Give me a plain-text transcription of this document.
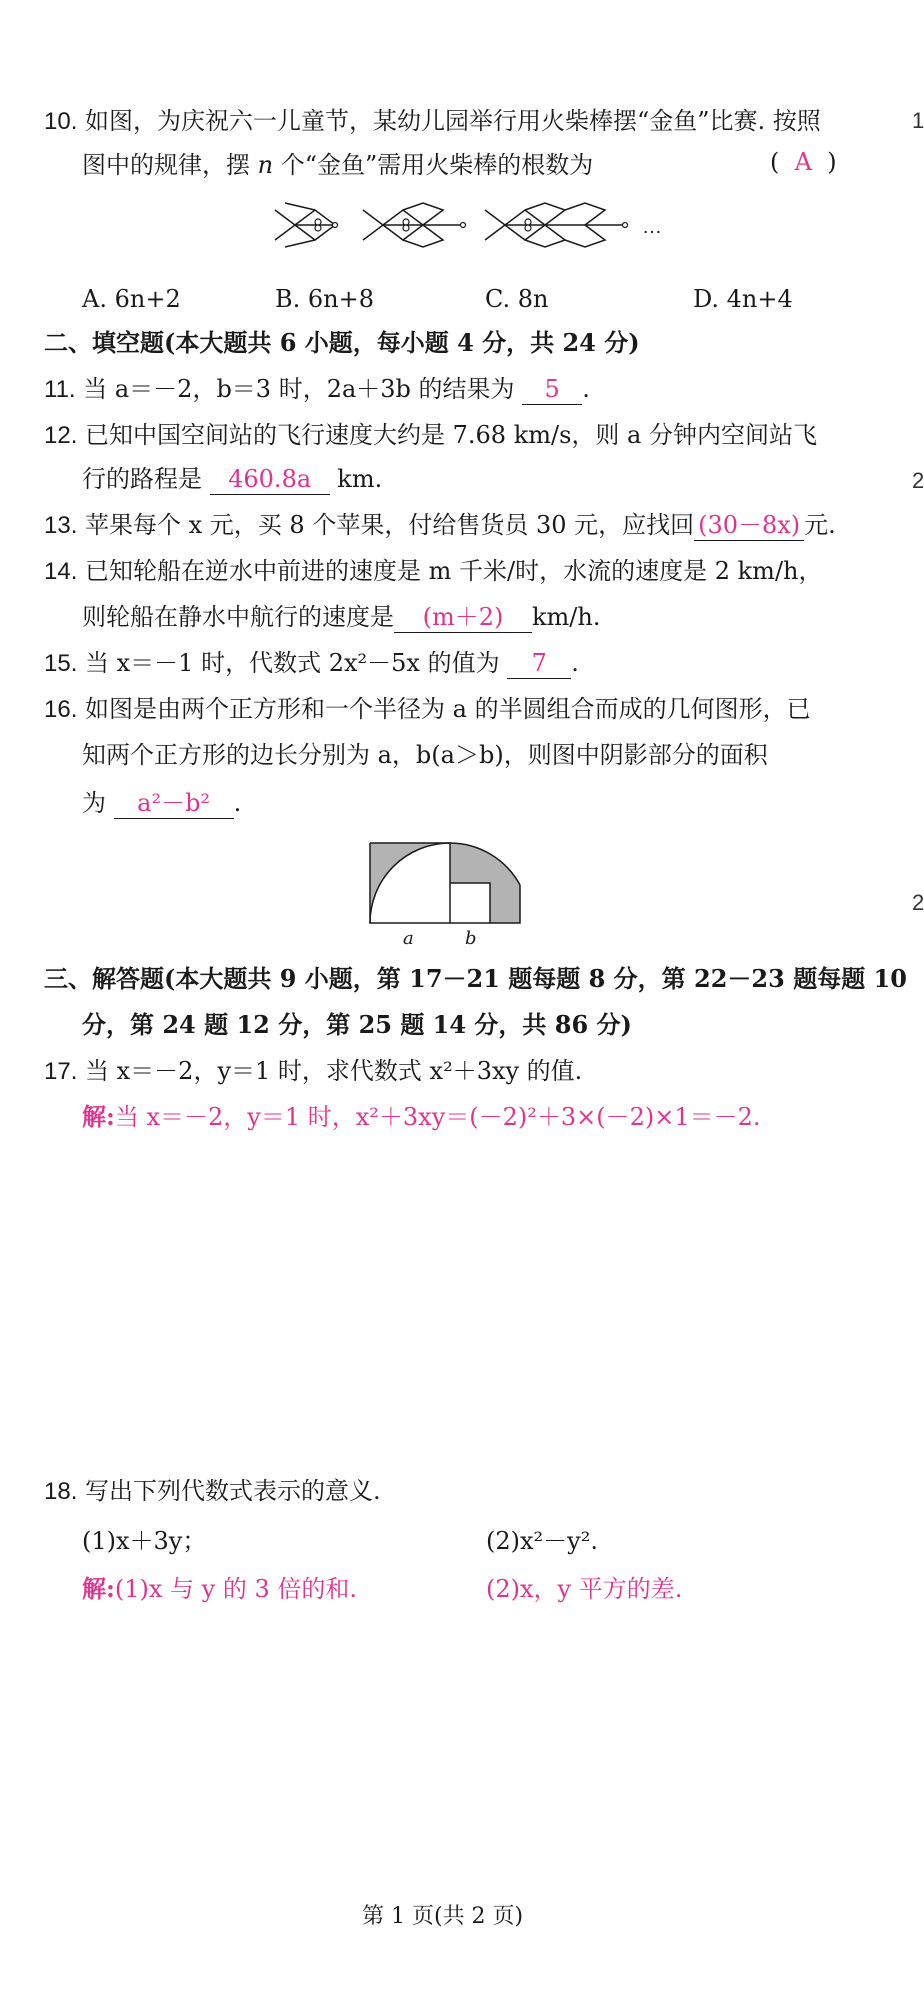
10. 如图，为庆祝六一儿童节，某幼儿园举行用火柴棒摆“金鱼”比赛. 按照
图中的规律，摆 n 个“金鱼”需用火柴棒的根数为	(  A  )
…
A. 6n+2	B. 6n+8	C. 8n	D. 4n+4
二、填空题(本大题共 6 小题，每小题 4 分，共 24 分)
11. 当 a＝－2，b＝3 时，2a＋3b 的结果为 5 .
12. 已知中国空间站的飞行速度大约是 7.68 km/s，则 a 分钟内空间站飞
行的路程是 460.8a km.
13. 苹果每个 x 元，买 8 个苹果，付给售货员 30 元，应找回 (30－8x) 元.
14. 已知轮船在逆水中前进的速度是 m 千米/时，水流的速度是 2 km/h，
则轮船在静水中航行的速度是 (m＋2) km/h.
15. 当 x＝－1 时，代数式 2x²－5x 的值为 7 .
16. 如图是由两个正方形和一个半径为 a 的半圆组合而成的几何图形，已
知两个正方形的边长分别为 a，b(a＞b)，则图中阴影部分的面积
为 a²－b² .
a	b
三、解答题(本大题共 9 小题，第 17－21 题每题 8 分，第 22－23 题每题 10
分，第 24 题 12 分，第 25 题 14 分，共 86 分)
17. 当 x＝－2，y＝1 时，求代数式 x²＋3xy 的值.
解:当 x＝－2，y＝1 时，x²＋3xy＝(－2)²＋3×(－2)×1＝－2.
18. 写出下列代数式表示的意义.
(1)x＋3y；	(2)x²－y².
解:(1)x 与 y 的 3 倍的和.	(2)x，y 平方的差.
第 1 页(共 2 页)
1
2
2
